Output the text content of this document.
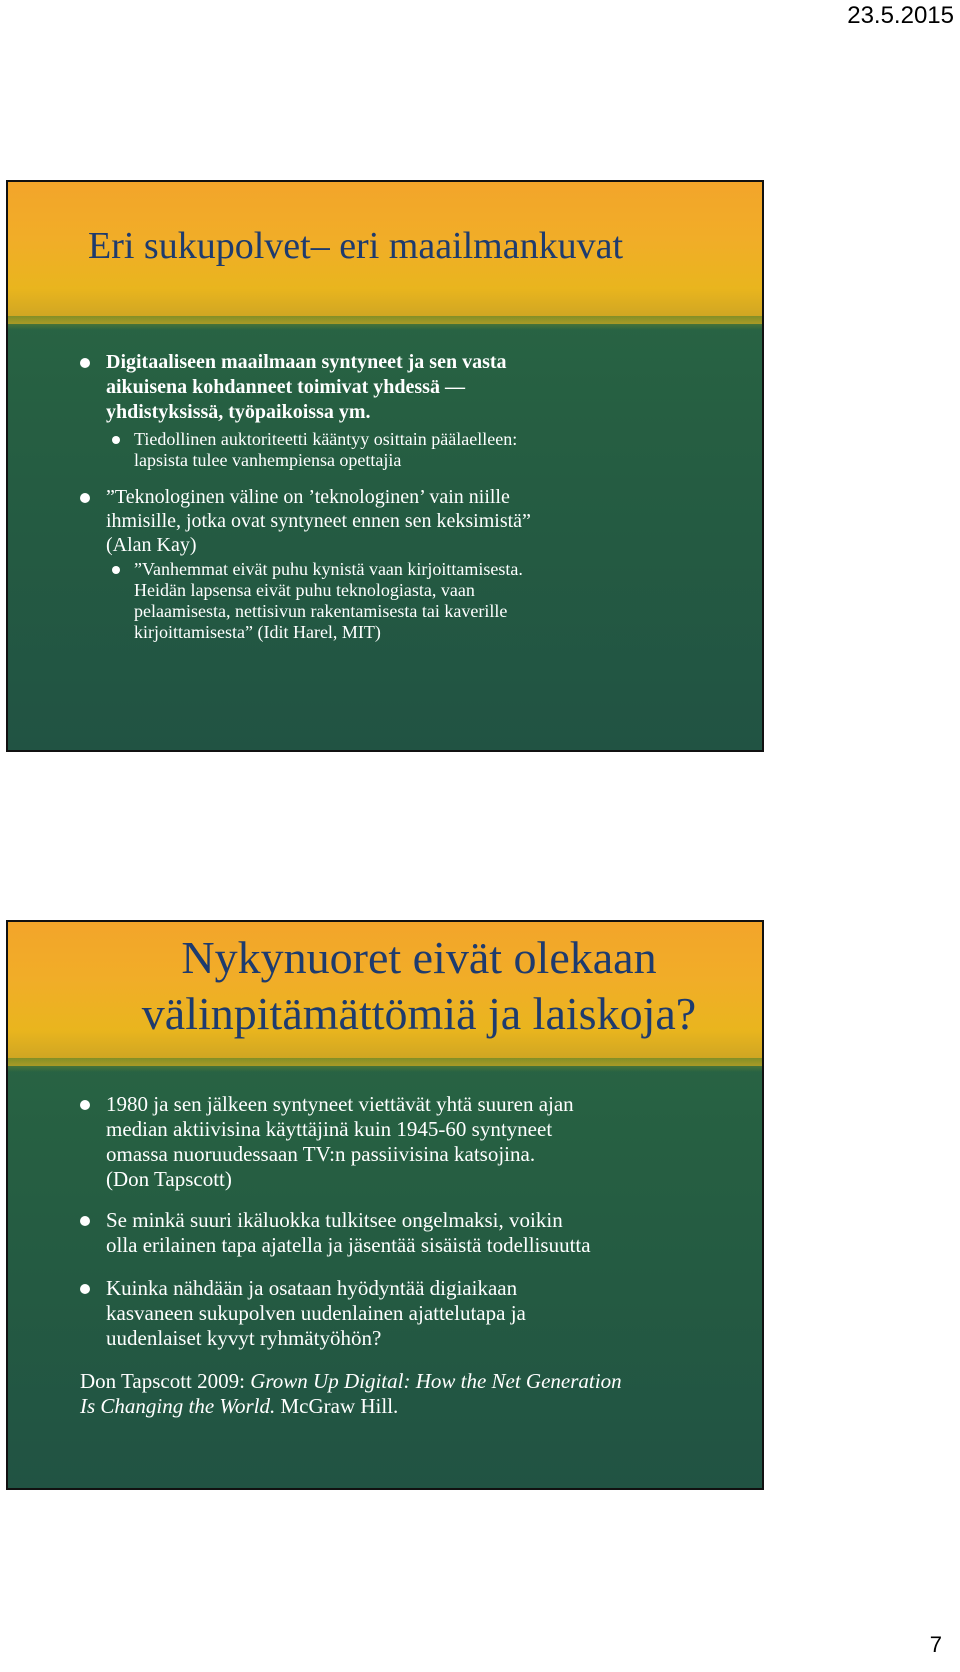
23.5.2015
Eri sukupolvet– eri maailmankuvat
Digitaaliseen maailmaan syntyneet ja sen vasta
aikuisena kohdanneet toimivat yhdessä —
yhdistyksissä, työpaikoissa ym.
Tiedollinen auktoriteetti kääntyy osittain päälaelleen:
lapsista tulee vanhempiensa opettajia
”Teknologinen väline on ’teknologinen’ vain niille
ihmisille, jotka ovat syntyneet ennen sen keksimistä”
(Alan Kay)
”Vanhemmat eivät puhu kynistä vaan kirjoittamisesta.
Heidän lapsensa eivät puhu teknologiasta, vaan
pelaamisesta, nettisivun rakentamisesta tai kaverille
kirjoittamisesta” (Idit Harel, MIT)
Nykynuoret eivät olekaan
välinpitämättömiä ja laiskoja?
1980 ja sen jälkeen syntyneet viettävät yhtä suuren ajan
median aktiivisina käyttäjinä kuin 1945-60 syntyneet
omassa nuoruudessaan TV:n passiivisina katsojina.
(Don Tapscott)
Se minkä suuri ikäluokka tulkitsee ongelmaksi, voikin
olla erilainen tapa ajatella ja jäsentää sisäistä todellisuutta
Kuinka nähdään ja osataan hyödyntää digiaikaan
kasvaneen sukupolven uudenlainen ajattelutapa ja
uudenlaiset kyvyt ryhmätyöhön?
Don Tapscott 2009: Grown Up Digital: How the Net Generation
Is Changing the World. McGraw Hill.
7
